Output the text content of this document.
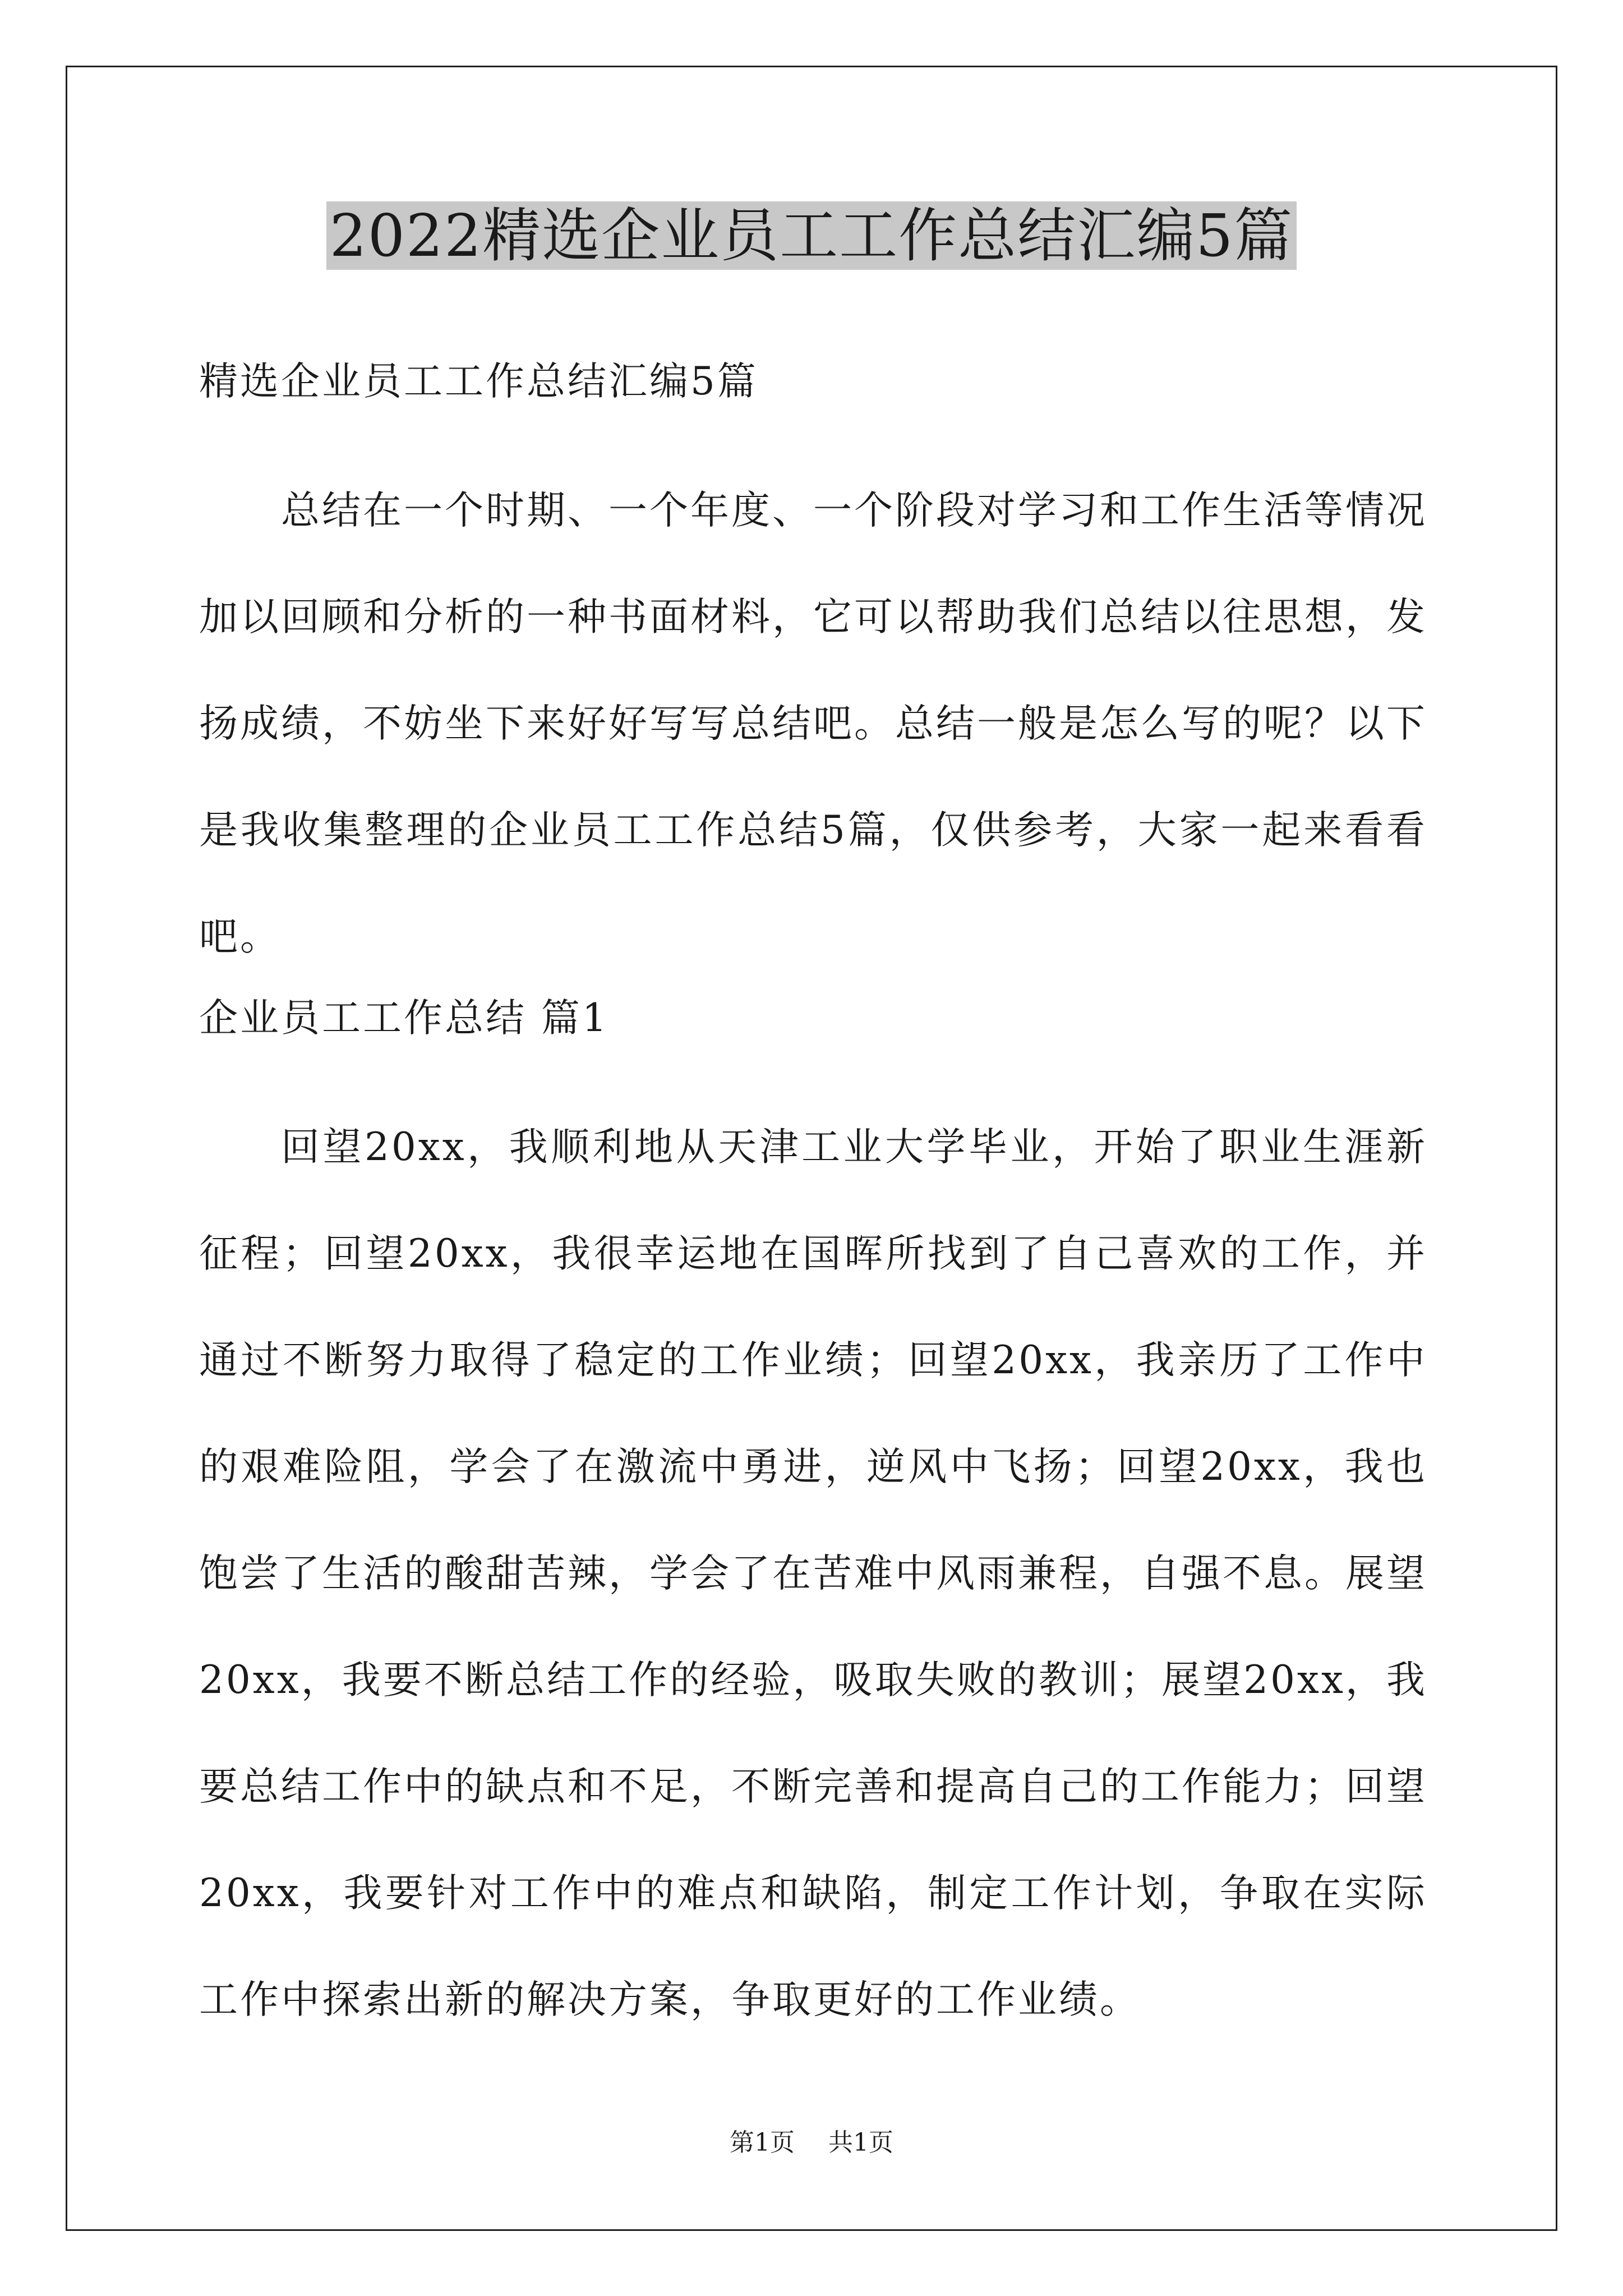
2022精选企业员工工作总结汇编5篇
精选企业员工工作总结汇编5篇
总结在一个时期、一个年度、一个阶段对学习和工作生活等情况加以回顾和分析的一种书面材料，它可以帮助我们总结以往思想，发扬成绩，不妨坐下来好好写写总结吧。总结一般是怎么写的呢？以下是我收集整理的企业员工工作总结5篇，仅供参考，大家一起来看看吧。
企业员工工作总结 篇1
回望20xx，我顺利地从天津工业大学毕业，开始了职业生涯新征程；回望20xx，我很幸运地在国晖所找到了自己喜欢的工作，并通过不断努力取得了稳定的工作业绩；回望20xx，我亲历了工作中的艰难险阻，学会了在激流中勇进，逆风中飞扬；回望20xx，我也饱尝了生活的酸甜苦辣，学会了在苦难中风雨兼程，自强不息。展望20xx，我要不断总结工作的经验，吸取失败的教训；展望20xx，我要总结工作中的缺点和不足，不断完善和提高自己的工作能力；回望20xx，我要针对工作中的难点和缺陷，制定工作计划，争取在实际工作中探索出新的解决方案，争取更好的工作业绩。
第1页 共1页
